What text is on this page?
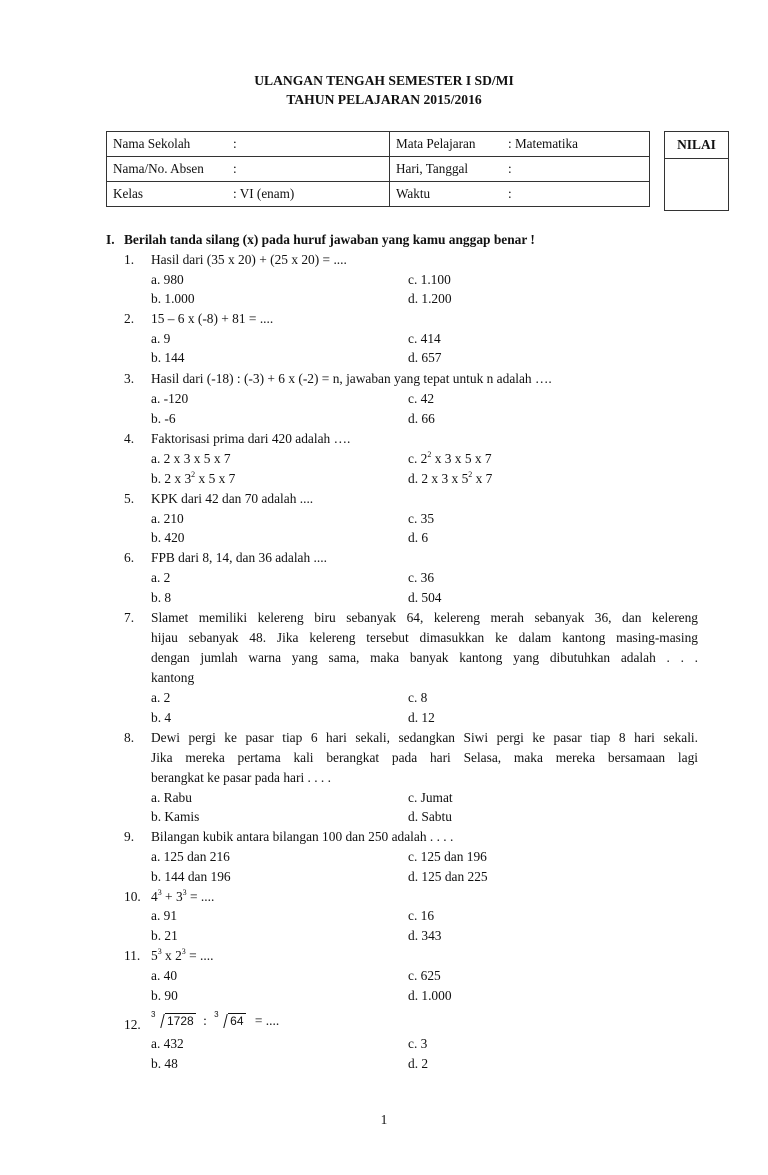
ULANGAN TENGAH SEMESTER I SD/MI
TAHUN PELAJARAN 2015/2016
Nama Sekolah	:	Mata Pelajaran	: Matematika
Nama/No. Absen	:	Hari, Tanggal	:
Kelas	: VI (enam)	Waktu	:
NILAI
I. Berilah tanda silang (x) pada huruf jawaban yang kamu anggap benar !
1. Hasil dari (35 x 20) + (25 x 20) = ....
a. 980	c. 1.100
b. 1.000	d. 1.200
2. 15 – 6 x (-8) + 81 = ....
a. 9	c. 414
b. 144	d. 657
3. Hasil dari (-18) : (-3) + 6 x (-2) = n, jawaban yang tepat untuk n adalah ….
a. -120	c. 42
b. -6	d. 66
4. Faktorisasi prima dari 420 adalah ….
a. 2 x 3 x 5 x 7	c. $2^2$ x 3 x 5 x 7
b. 2 x $3^2$ x 5 x 7	d. 2 x 3 x $5^2$ x 7
5. KPK dari 42 dan 70 adalah ....
a. 210	c. 35
b. 420	d. 6
6. FPB dari 8, 14, dan 36 adalah ....
a. 2	c. 36
b. 8	d. 504
7. Slamet memiliki kelereng biru sebanyak 64, kelereng merah sebanyak 36, dan kelereng
hijau sebanyak 48. Jika kelereng tersebut dimasukkan ke dalam kantong masing-masing
dengan jumlah warna yang sama, maka banyak kantong yang dibutuhkan adalah . . .
kantong
a. 2	c. 8
b. 4	d. 12
8. Dewi pergi ke pasar tiap 6 hari sekali, sedangkan Siwi pergi ke pasar tiap 8 hari sekali.
Jika mereka pertama kali berangkat pada hari Selasa, maka mereka bersamaan lagi
berangkat ke pasar pada hari . . . .
a. Rabu	c. Jumat
b. Kamis	d. Sabtu
9. Bilangan kubik antara bilangan 100 dan 250 adalah . . . .
a. 125 dan 216	c. 125 dan 196
b. 144 dan 196	d. 125 dan 225
10. $4^3 + 3^3$ = ....
a. 91	c. 16
b. 21	d. 343
11. $5^3$ x $2^3$ = ....
a. 40	c. 625
b. 90	d. 1.000
12.
3 1728 : 3 64 = ....
a. 432	c. 3
b. 48	d. 2
1
